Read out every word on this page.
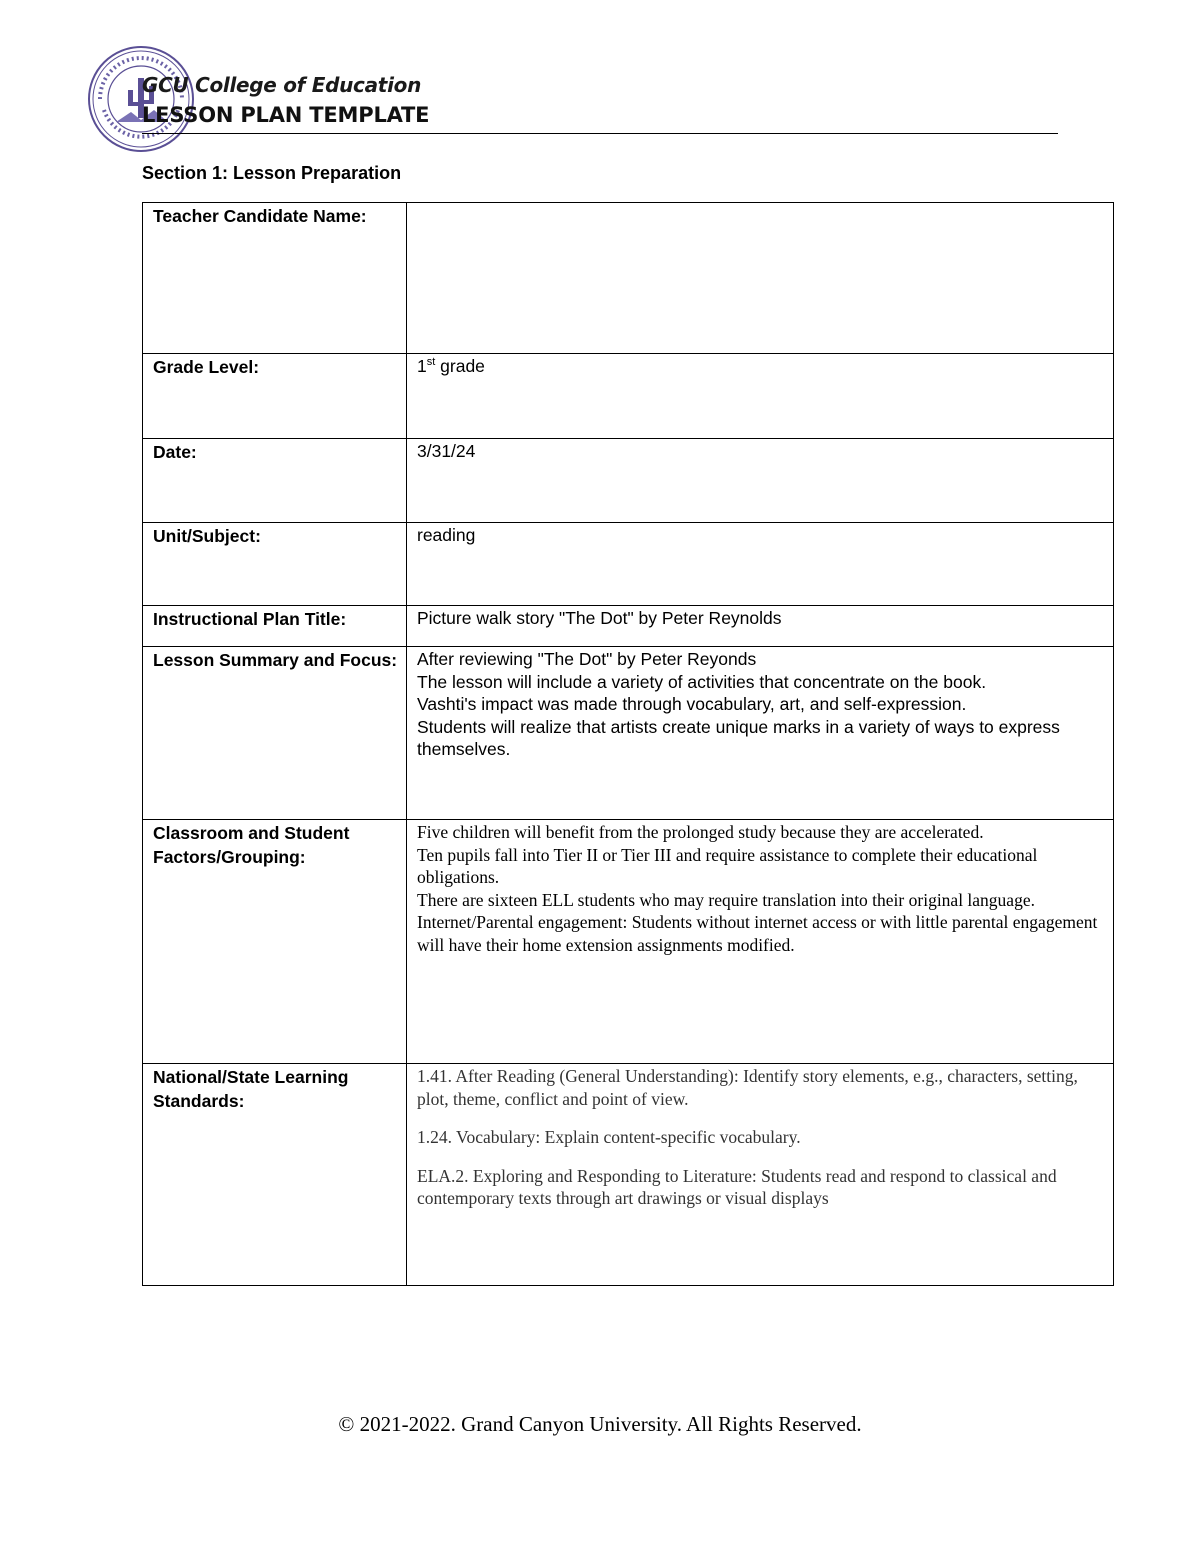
GCU College of Education
LESSON PLAN TEMPLATE
Section 1: Lesson Preparation
Teacher Candidate Name:	
Grade Level:	1st grade
Date:	3/31/24
Unit/Subject:	reading
Instructional Plan Title:	Picture walk story "The Dot" by Peter Reynolds
Lesson Summary and Focus:	After reviewing "The Dot" by Peter Reyonds
The lesson will include a variety of activities that concentrate on the book.
Vashti's impact was made through vocabulary, art, and self-expression.
Students will realize that artists create unique marks in a variety of ways to express themselves.

Classroom and Student Factors/Grouping:	Five children will benefit from the prolonged study because they are accelerated.
Ten pupils fall into Tier II or Tier III and require assistance to complete their educational obligations.
There are sixteen ELL students who may require translation into their original language.
Internet/Parental engagement: Students without internet access or with little parental engagement will have their home extension assignments modified.

National/State Learning Standards:	1.41. After Reading (General Understanding): Identify story elements, e.g., characters, setting, plot, theme, conflict and point of view.
1.24. Vocabulary: Explain content-specific vocabulary.
ELA.2. Exploring and Responding to Literature: Students read and respond to classical and contemporary texts through art drawings or visual displays
© 2021-2022. Grand Canyon University. All Rights Reserved.
